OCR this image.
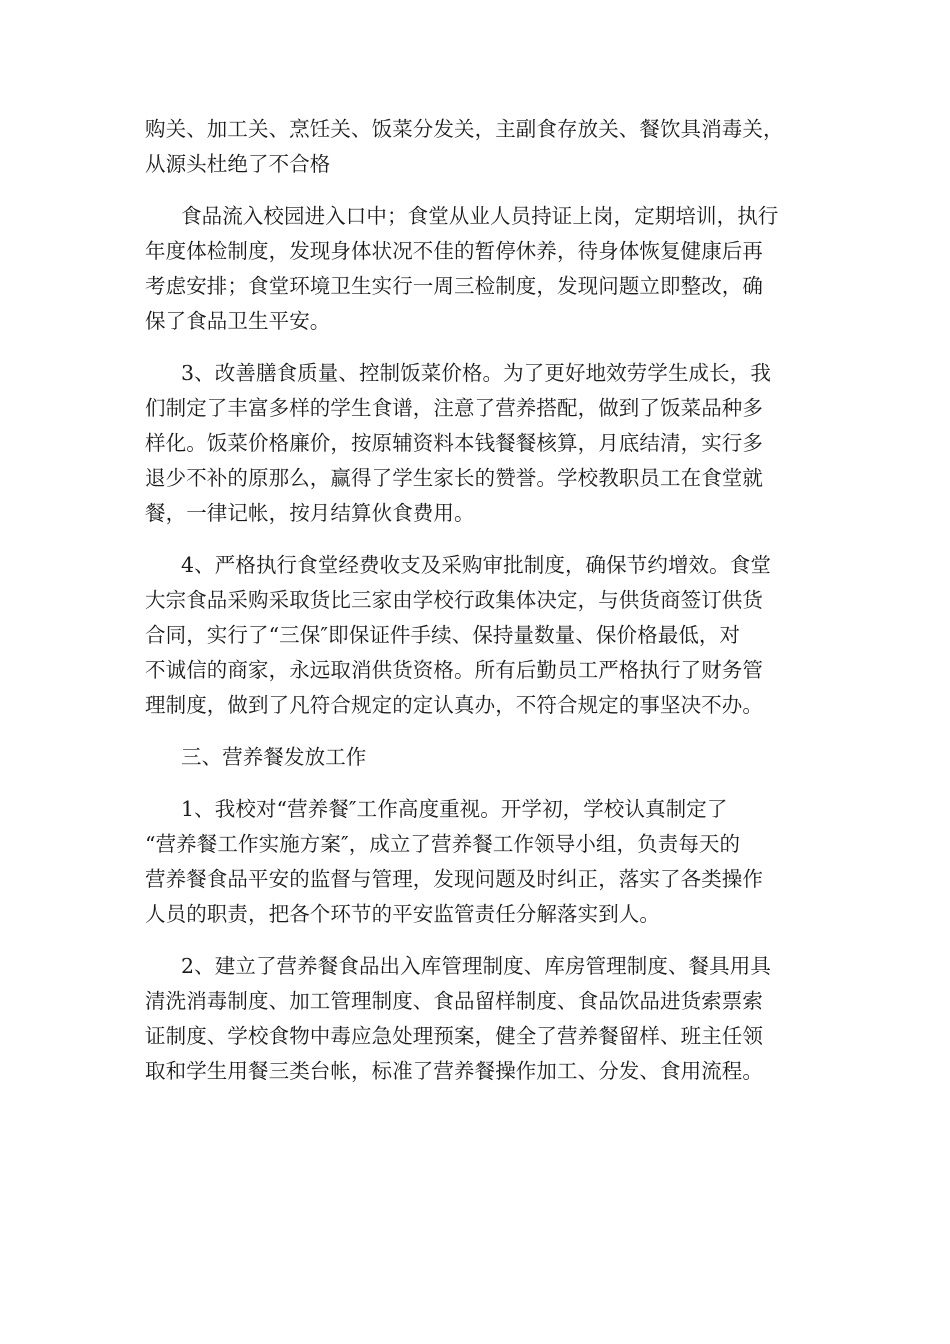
购关、加工关、烹饪关、饭菜分发关，主副食存放关、餐饮具消毒关，
从源头杜绝了不合格
食品流入校园进入口中；食堂从业人员持证上岗，定期培训，执行
年度体检制度，发现身体状况不佳的暂停休养，待身体恢复健康后再
考虑安排；食堂环境卫生实行一周三检制度，发现问题立即整改，确
保了食品卫生平安。
3、改善膳食质量、控制饭菜价格。为了更好地效劳学生成长，我
们制定了丰富多样的学生食谱，注意了营养搭配，做到了饭菜品种多
样化。饭菜价格廉价，按原辅资料本钱餐餐核算，月底结清，实行多
退少不补的原那么，赢得了学生家长的赞誉。学校教职员工在食堂就
餐，一律记帐，按月结算伙食费用。
4、严格执行食堂经费收支及采购审批制度，确保节约增效。食堂
大宗食品采购采取货比三家由学校行政集体决定，与供货商签订供货
合同，实行了“三保″即保证件手续、保持量数量、保价格最低，对
不诚信的商家，永远取消供货资格。所有后勤员工严格执行了财务管
理制度，做到了凡符合规定的定认真办，不符合规定的事坚决不办。
三、营养餐发放工作
1、我校对“营养餐″工作高度重视。开学初，学校认真制定了
“营养餐工作实施方案″，成立了营养餐工作领导小组，负责每天的
营养餐食品平安的监督与管理，发现问题及时纠正，落实了各类操作
人员的职责，把各个环节的平安监管责任分解落实到人。
2、建立了营养餐食品出入库管理制度、库房管理制度、餐具用具
清洗消毒制度、加工管理制度、食品留样制度、食品饮品进货索票索
证制度、学校食物中毒应急处理预案，健全了营养餐留样、班主任领
取和学生用餐三类台帐，标准了营养餐操作加工、分发、食用流程。
